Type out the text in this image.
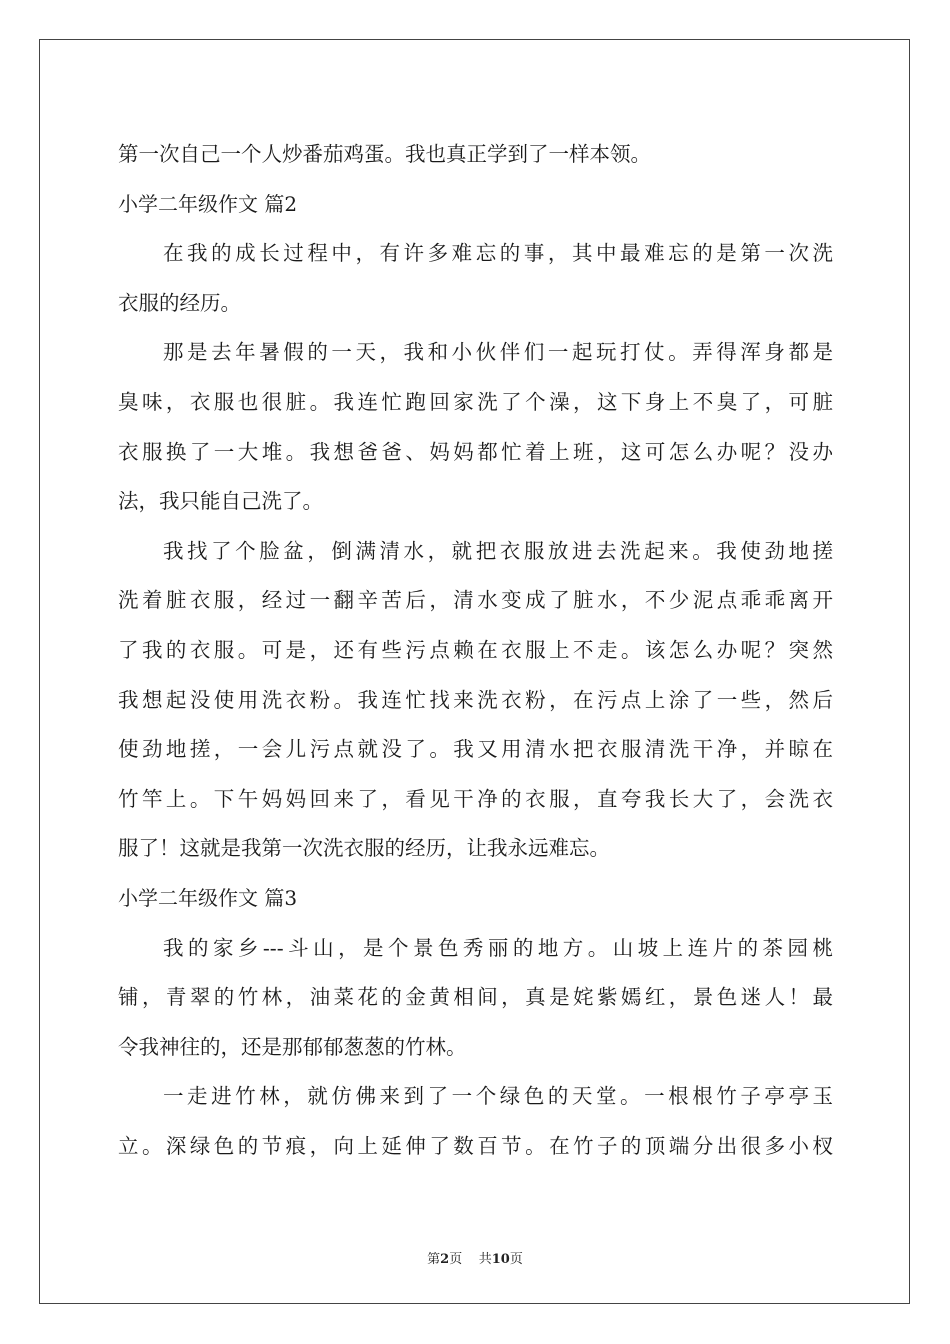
第一次自己一个人炒番茄鸡蛋。我也真正学到了一样本领。
小学二年级作文 篇2
在我的成长过程中，有许多难忘的事，其中最难忘的是第一次洗
衣服的经历。
那是去年暑假的一天，我和小伙伴们一起玩打仗。弄得浑身都是
臭味，衣服也很脏。我连忙跑回家洗了个澡，这下身上不臭了，可脏
衣服换了一大堆。我想爸爸、妈妈都忙着上班，这可怎么办呢？没办
法，我只能自己洗了。
我找了个脸盆，倒满清水，就把衣服放进去洗起来。我使劲地搓
洗着脏衣服，经过一翻辛苦后，清水变成了脏水，不少泥点乖乖离开
了我的衣服。可是，还有些污点赖在衣服上不走。该怎么办呢？突然
我想起没使用洗衣粉。我连忙找来洗衣粉，在污点上涂了一些，然后
使劲地搓，一会儿污点就没了。我又用清水把衣服清洗干净，并晾在
竹竿上。下午妈妈回来了，看见干净的衣服，直夸我长大了，会洗衣
服了！这就是我第一次洗衣服的经历，让我永远难忘。
小学二年级作文 篇3
我的家乡---斗山，是个景色秀丽的地方。山坡上连片的茶园桃
铺，青翠的竹林，油菜花的金黄相间，真是姹紫嫣红，景色迷人！最
令我神往的，还是那郁郁葱葱的竹林。
一走进竹林，就仿佛来到了一个绿色的天堂。一根根竹子亭亭玉
立。深绿色的节痕，向上延伸了数百节。在竹子的顶端分出很多小杈
第2页 共10页
